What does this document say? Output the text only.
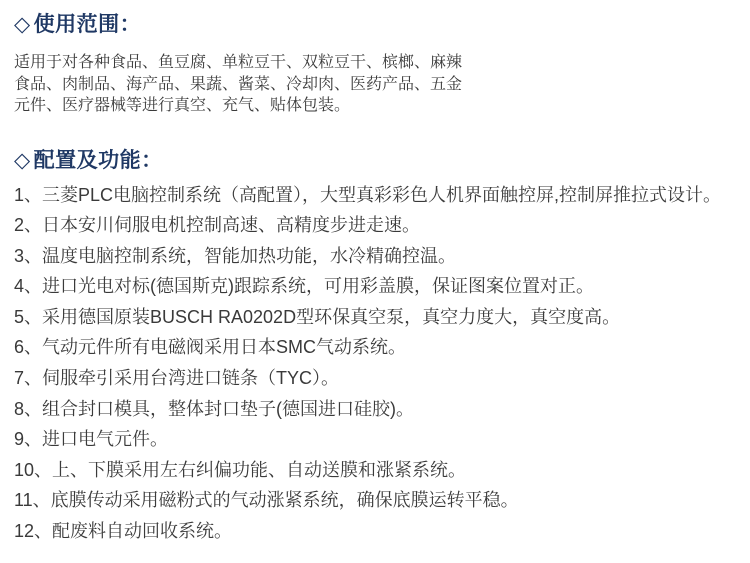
◇ 使用范围：

适用于对各种食品、鱼豆腐、单粒豆干、双粒豆干、槟榔、麻辣
食品、肉制品、海产品、果蔬、酱菜、冷却肉、医药产品、五金
元件、医疗器械等进行真空、充气、贴体包装。

◇ 配置及功能：
1、三菱PLC电脑控制系统（高配置），大型真彩彩色人机界面触控屏,控制屏推拉式设计。
2、日本安川伺服电机控制高速、高精度步进走速。
3、温度电脑控制系统，智能加热功能，水冷精确控温。
4、进口光电对标(德国斯克)跟踪系统，可用彩盖膜，保证图案位置对正。
5、采用德国原装BUSCH RA0202D型环保真空泵，真空力度大，真空度高。
6、气动元件所有电磁阀采用日本SMC气动系统。
7、伺服牵引采用台湾进口链条（TYC）。
8、组合封口模具，整体封口垫子(德国进口硅胶)。
9、进口电气元件。
10、上、下膜采用左右纠偏功能、自动送膜和涨紧系统。
11、底膜传动采用磁粉式的气动涨紧系统，确保底膜运转平稳。
12、配废料自动回收系统。
